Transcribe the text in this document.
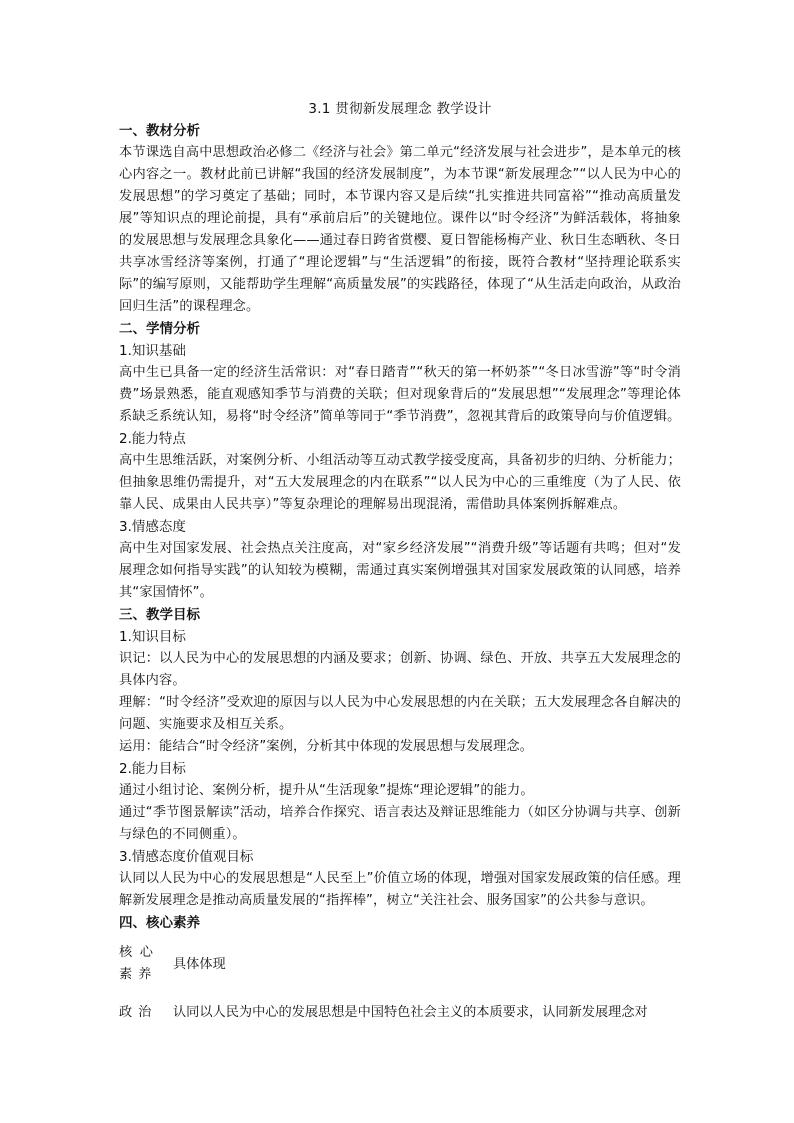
3.1 贯彻新发展理念 教学设计
一、教材分析
本节课选自高中思想政治必修二《经济与社会》第二单元“经济发展与社会进步”，是本单元的核心内容之一。教材此前已讲解“我国的经济发展制度”，为本节课“新发展理念”“以人民为中心的发展思想”的学习奠定了基础；同时，本节课内容又是后续“扎实推进共同富裕”“推动高质量发展”等知识点的理论前提，具有“承前启后”的关键地位。课件以“时令经济”为鲜活载体，将抽象的发展思想与发展理念具象化——通过春日跨省赏樱、夏日智能杨梅产业、秋日生态晒秋、冬日共享冰雪经济等案例，打通了“理论逻辑”与“生活逻辑”的衔接，既符合教材“坚持理论联系实际”的编写原则，又能帮助学生理解“高质量发展”的实践路径，体现了“从生活走向政治，从政治回归生活”的课程理念。
二、学情分析
1.知识基础
高中生已具备一定的经济生活常识：对“春日踏青”“秋天的第一杯奶茶”“冬日冰雪游”等“时令消费”场景熟悉，能直观感知季节与消费的关联；但对现象背后的“发展思想”“发展理念”等理论体系缺乏系统认知，易将“时令经济”简单等同于“季节消费”，忽视其背后的政策导向与价值逻辑。
2.能力特点
高中生思维活跃，对案例分析、小组活动等互动式教学接受度高，具备初步的归纳、分析能力；但抽象思维仍需提升，对“五大发展理念的内在联系”“以人民为中心的三重维度（为了人民、依靠人民、成果由人民共享）”等复杂理论的理解易出现混淆，需借助具体案例拆解难点。
3.情感态度
高中生对国家发展、社会热点关注度高，对“家乡经济发展”“消费升级”等话题有共鸣；但对“发展理念如何指导实践”的认知较为模糊，需通过真实案例增强其对国家发展政策的认同感，培养其“家国情怀”。
三、教学目标
1.知识目标
识记：以人民为中心的发展思想的内涵及要求；创新、协调、绿色、开放、共享五大发展理念的具体内容。
理解：“时令经济”受欢迎的原因与以人民为中心发展思想的内在关联；五大发展理念各自解决的问题、实施要求及相互关系。
运用：能结合“时令经济”案例，分析其中体现的发展思想与发展理念。
2.能力目标
通过小组讨论、案例分析，提升从“生活现象”提炼“理论逻辑”的能力。
通过“季节图景解读”活动，培养合作探究、语言表达及辩证思维能力（如区分协调与共享、创新与绿色的不同侧重）。
3.情感态度价值观目标
认同以人民为中心的发展思想是“人民至上”价值立场的体现，增强对国家发展政策的信任感。理解新发展理念是推动高质量发展的“指挥棒”，树立“关注社会、服务国家”的公共参与意识。
四、核心素养
核心素养	具体体现
政治	认同以人民为中心的发展思想是中国特色社会主义的本质要求，认同新发展理念对
